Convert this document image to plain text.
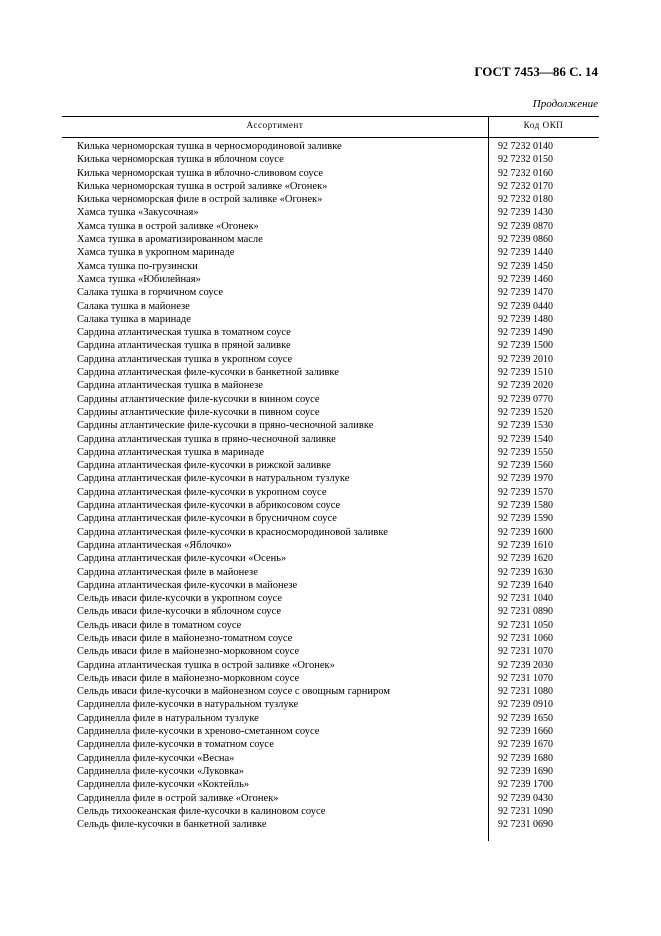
ГОСТ 7453—86 С. 14
Продолжение
Ассортимент	Код ОКП
Килька черноморская тушка в черносмородиновой заливке	92 7232 0140
Килька черноморская тушка в яблочном соусе	92 7232 0150
Килька черноморская тушка в яблочно-сливовом соусе	92 7232 0160
Килька черноморская тушка в острой заливке «Огонек»	92 7232 0170
Килька черноморская филе в острой заливке «Огонек»	92 7232 0180
Хамса тушка «Закусочная»	92 7239 1430
Хамса тушка в острой заливке «Огонек»	92 7239 0870
Хамса тушка в ароматизированном масле	92 7239 0860
Хамса тушка в укропном маринаде	92 7239 1440
Хамса тушка по-грузински	92 7239 1450
Хамса тушка «Юбилейная»	92 7239 1460
Салака тушка в горчичном соусе	92 7239 1470
Салака тушка в майонезе	92 7239 0440
Салака тушка в маринаде	92 7239 1480
Сардина атлантическая тушка в томатном соусе	92 7239 1490
Сардина атлантическая тушка в пряной заливке	92 7239 1500
Сардина атлантическая тушка в укропном соусе	92 7239 2010
Сардина атлантическая филе-кусочки в банкетной заливке	92 7239 1510
Сардина атлантическая тушка в майонезе	92 7239 2020
Сардины атлантические филе-кусочки в винном соусе	92 7239 0770
Сардины атлантические филе-кусочки в пивном соусе	92 7239 1520
Сардины атлантические филе-кусочки в пряно-чесночной заливке	92 7239 1530
Сардина атлантическая тушка в пряно-чесночной заливке	92 7239 1540
Сардина атлантическая тушка в маринаде	92 7239 1550
Сардина атлантическая филе-кусочки в рижской заливке	92 7239 1560
Сардина атлантическая филе-кусочки в натуральном тузлуке	92 7239 1970
Сардина атлантическая филе-кусочки в укропном соусе	92 7239 1570
Сардина атлантическая филе-кусочки в абрикосовом соусе	92 7239 1580
Сардина атлантическая филе-кусочки в брусничном соусе	92 7239 1590
Сардина атлантическая филе-кусочки в красносмородиновой заливке	92 7239 1600
Сардина атлантическая «Яблочко»	92 7239 1610
Сардина атлантическая филе-кусочки «Осень»	92 7239 1620
Сардина атлантическая филе в майонезе	92 7239 1630
Сардина атлантическая филе-кусочки в майонезе	92 7239 1640
Сельдь иваси филе-кусочки в укропном соусе	92 7231 1040
Сельдь иваси филе-кусочки в яблочном соусе	92 7231 0890
Сельдь иваси филе в томатном соусе	92 7231 1050
Сельдь иваси филе в майонезно-томатном соусе	92 7231 1060
Сельдь иваси филе в майонезно-морковном соусе	92 7231 1070
Сардина атлантическая тушка в острой заливке «Огонек»	92 7239 2030
Сельдь иваси филе в майонезно-морковном соусе	92 7231 1070
Сельдь иваси филе-кусочки в майонезном соусе с овощным гарниром	92 7231 1080
Сардинелла филе-кусочки в натуральном тузлуке	92 7239 0910
Сардинелла филе в натуральном тузлуке	92 7239 1650
Сардинелла филе-кусочки в хреново-сметанном соусе	92 7239 1660
Сардинелла филе-кусочки в томатном соусе	92 7239 1670
Сардинелла филе-кусочки «Весна»	92 7239 1680
Сардинелла филе-кусочки «Луковка»	92 7239 1690
Сардинелла филе-кусочки «Коктейль»	92 7239 1700
Сардинелла филе в острой заливке «Огонек»	92 7239 0430
Сельдь тихоокеанская филе-кусочки в калиновом соусе	92 7231 1090
Сельдь филе-кусочки в банкетной заливке	92 7231 0690
